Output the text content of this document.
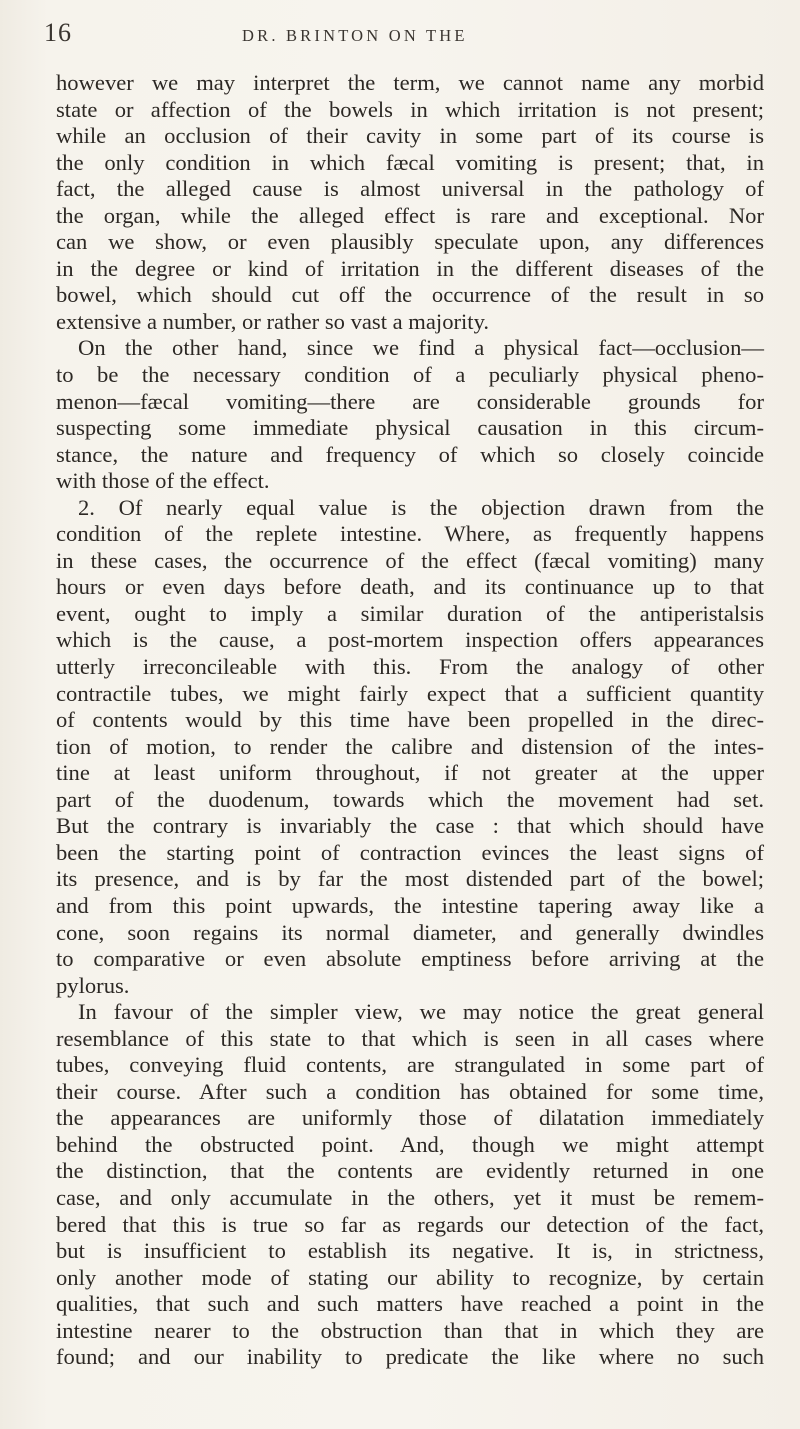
16	DR. BRINTON ON THE
however we may interpret the term, we cannot name any morbid
state or affection of the bowels in which irritation is not present;
while an occlusion of their cavity in some part of its course is
the only condition in which fæcal vomiting is present; that, in
fact, the alleged cause is almost universal in the pathology of
the organ, while the alleged effect is rare and exceptional. Nor
can we show, or even plausibly speculate upon, any differences
in the degree or kind of irritation in the different diseases of the
bowel, which should cut off the occurrence of the result in so
extensive a number, or rather so vast a majority.
On the other hand, since we find a physical fact—occlusion—
to be the necessary condition of a peculiarly physical pheno-
menon—fæcal vomiting—there are considerable grounds for
suspecting some immediate physical causation in this circum-
stance, the nature and frequency of which so closely coincide
with those of the effect.
2. Of nearly equal value is the objection drawn from the
condition of the replete intestine. Where, as frequently happens
in these cases, the occurrence of the effect (fæcal vomiting) many
hours or even days before death, and its continuance up to that
event, ought to imply a similar duration of the antiperistalsis
which is the cause, a post-mortem inspection offers appearances
utterly irreconcileable with this. From the analogy of other
contractile tubes, we might fairly expect that a sufficient quantity
of contents would by this time have been propelled in the direc-
tion of motion, to render the calibre and distension of the intes-
tine at least uniform throughout, if not greater at the upper
part of the duodenum, towards which the movement had set.
But the contrary is invariably the case : that which should have
been the starting point of contraction evinces the least signs of
its presence, and is by far the most distended part of the bowel;
and from this point upwards, the intestine tapering away like a
cone, soon regains its normal diameter, and generally dwindles
to comparative or even absolute emptiness before arriving at the
pylorus.
In favour of the simpler view, we may notice the great general
resemblance of this state to that which is seen in all cases where
tubes, conveying fluid contents, are strangulated in some part of
their course. After such a condition has obtained for some time,
the appearances are uniformly those of dilatation immediately
behind the obstructed point. And, though we might attempt
the distinction, that the contents are evidently returned in one
case, and only accumulate in the others, yet it must be remem-
bered that this is true so far as regards our detection of the fact,
but is insufficient to establish its negative. It is, in strictness,
only another mode of stating our ability to recognize, by certain
qualities, that such and such matters have reached a point in the
intestine nearer to the obstruction than that in which they are
found; and our inability to predicate the like where no such
